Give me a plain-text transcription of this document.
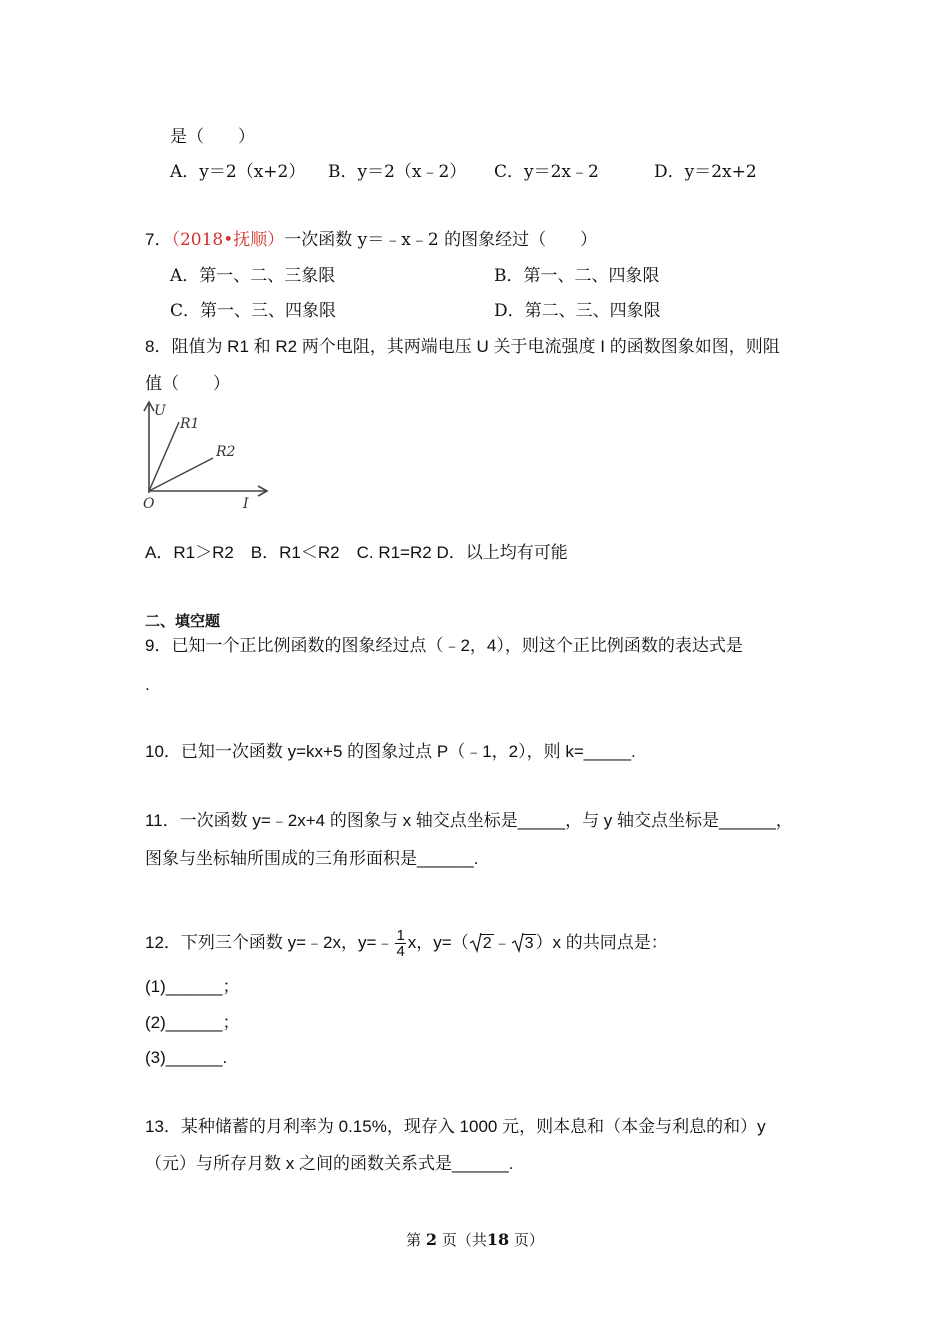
是（　　）
A．y＝2（x+2） B．y＝2（x﹣2） C．y＝2x﹣2	D．y＝2x+2
7．（2018•抚顺）一次函数 y＝﹣x﹣2 的图象经过（　　）
A．第一、二、三象限	B．第一、二、四象限
C．第一、三、四象限	D．第二、三、四象限
8．阻值为 R1 和 R2 两个电阻，其两端电压 U 关于电流强度 I 的函数图象如图，则阻
值（　　）
U
R1
R2
O	I
A．R1＞R2　B．R1＜R2　C. R1=R2 D．以上均有可能
二、填空题
9．已知一个正比例函数的图象经过点（﹣2，4），则这个正比例函数的表达式是
.
10．已知一次函数 y=kx+5 的图象过点 P（﹣1，2），则 k=_____.
11．一次函数 y=﹣2x+4 的图象与 x 轴交点坐标是_____，与 y 轴交点坐标是______，
图象与坐标轴所围成的三角形面积是______.
12．下列三个函数 y=﹣2x，y=﹣ $\frac{1}{4}$ x，y=（ 2 ﹣ 3 ）x 的共同点是：
(1)______；
(2)______；
(3)______.
13．某种储蓄的月利率为 0.15%，现存入 1000 元，则本息和（本金与利息的和）y
（元）与所存月数 x 之间的函数关系式是______.
第 2 页（共18 页）
